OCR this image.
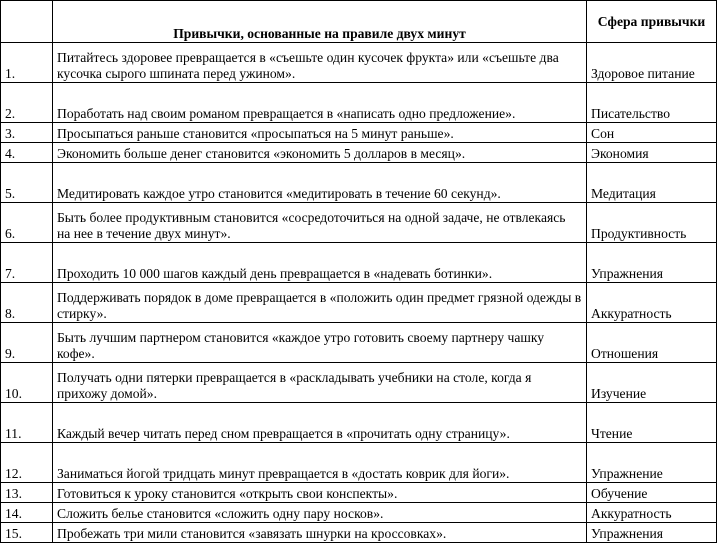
	Привычки, основанные на правиле двух минут	Сфера привычки
1.	Питайтесь здоровее превращается в «съешьте один кусочек фрукта» или «съешьте два кусочка сырого шпината перед ужином».	Здоровое питание
2.	Поработать над своим романом превращается в «написать одно предложение».	Писательство
3.	Просыпаться раньше становится «просыпаться на 5 минут раньше».	Сон
4.	Экономить больше денег становится «экономить 5 долларов в месяц».	Экономия
5.	Медитировать каждое утро становится «медитировать в течение 60 секунд».	Медитация
6.	Быть более продуктивным становится «сосредоточиться на одной задаче, не отвлекаясь на нее в течение двух минут».	Продуктивность
7.	Проходить 10 000 шагов каждый день превращается в «надевать ботинки».	Упражнения
8.	Поддерживать порядок в доме превращается в «положить один предмет грязной одежды в стирку».	Аккуратность
9.	Быть лучшим партнером становится «каждое утро готовить своему партнеру чашку кофе».	Отношения
10.	Получать одни пятерки превращается в «раскладывать учебники на столе, когда я прихожу домой».	Изучение
11.	Каждый вечер читать перед сном превращается в «прочитать одну страницу».	Чтение
12.	Заниматься йогой тридцать минут превращается в «достать коврик для йоги».	Упражнение
13.	Готовиться к уроку становится «открыть свои конспекты».	Обучение
14.	Сложить белье становится «сложить одну пару носков».	Аккуратность
15.	Пробежать три мили становится «завязать шнурки на кроссовках».	Упражнения
